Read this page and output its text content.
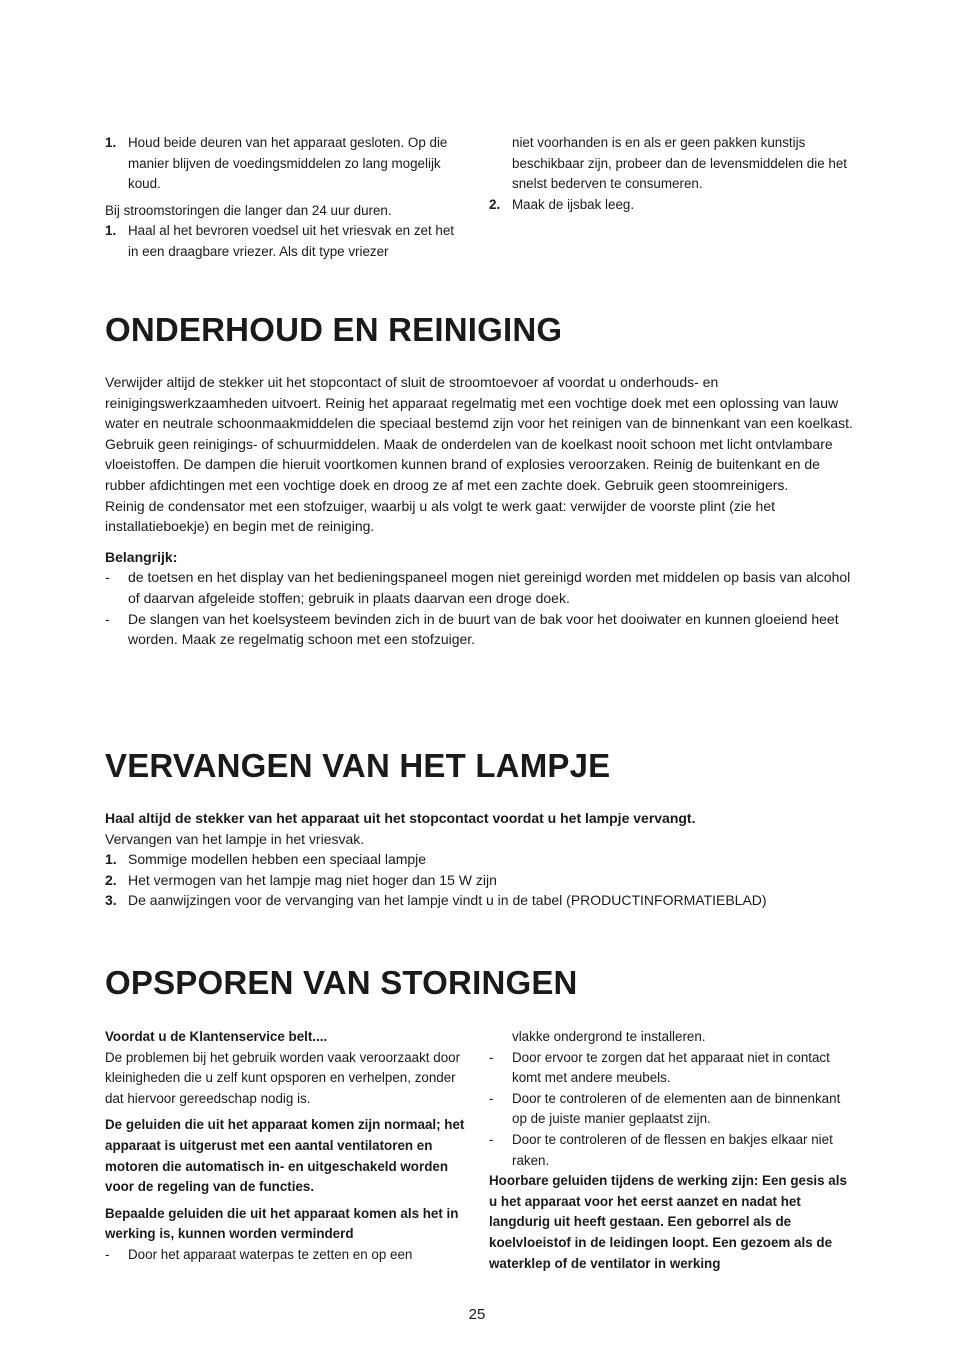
1. Houd beide deuren van het apparaat gesloten. Op die manier blijven de voedingsmiddelen zo lang mogelijk koud.
Bij stroomstoringen die langer dan 24 uur duren.
1. Haal al het bevroren voedsel uit het vriesvak en zet het in een draagbare vriezer. Als dit type vriezer
niet voorhanden is en als er geen pakken kunstijs beschikbaar zijn, probeer dan de levensmiddelen die het snelst bederven te consumeren.
2. Maak de ijsbak leeg.
ONDERHOUD EN REINIGING

Verwijder altijd de stekker uit het stopcontact of sluit de stroomtoevoer af voordat u onderhouds- en reinigingswerkzaamheden uitvoert. Reinig het apparaat regelmatig met een vochtige doek met een oplossing van lauw water en neutrale schoonmaakmiddelen die speciaal bestemd zijn voor het reinigen van de binnenkant van een koelkast. Gebruik geen reinigings- of schuurmiddelen. Maak de onderdelen van de koelkast nooit schoon met licht ontvlambare vloeistoffen. De dampen die hieruit voortkomen kunnen brand of explosies veroorzaken. Reinig de buitenkant en de rubber afdichtingen met een vochtige doek en droog ze af met een zachte doek. Gebruik geen stoomreinigers.

Reinig de condensator met een stofzuiger, waarbij u als volgt te werk gaat: verwijder de voorste plint (zie het installatieboekje) en begin met de reiniging.

Belangrijk:

- de toetsen en het display van het bedieningspaneel mogen niet gereinigd worden met middelen op basis van alcohol of daarvan afgeleide stoffen; gebruik in plaats daarvan een droge doek.
- De slangen van het koelsysteem bevinden zich in de buurt van de bak voor het dooiwater en kunnen gloeiend heet worden. Maak ze regelmatig schoon met een stofzuiger.
VERVANGEN VAN HET LAMPJE

Haal altijd de stekker van het apparaat uit het stopcontact voordat u het lampje vervangt.

Vervangen van het lampje in het vriesvak.

1. Sommige modellen hebben een speciaal lampje
2. Het vermogen van het lampje mag niet hoger dan 15 W zijn
3. De aanwijzingen voor de vervanging van het lampje vindt u in de tabel (PRODUCTINFORMATIEBLAD)
OPSPOREN VAN STORINGEN

Voordat u de Klantenservice belt....

De problemen bij het gebruik worden vaak veroorzaakt door kleinigheden die u zelf kunt opsporen en verhelpen, zonder dat hiervoor gereedschap nodig is.

De geluiden die uit het apparaat komen zijn normaal; het apparaat is uitgerust met een aantal ventilatoren en motoren die automatisch in- en uitgeschakeld worden voor de regeling van de functies.

Bepaalde geluiden die uit het apparaat komen als het in werking is, kunnen worden verminderd

- Door het apparaat waterpas te zetten en op een

vlakke ondergrond te installeren.

- Door ervoor te zorgen dat het apparaat niet in contact komt met andere meubels.
- Door te controleren of de elementen aan de binnenkant op de juiste manier geplaatst zijn.
- Door te controleren of de flessen en bakjes elkaar niet raken.

Hoorbare geluiden tijdens de werking zijn: Een gesis als u het apparaat voor het eerst aanzet en nadat het langdurig uit heeft gestaan. Een geborrel als de koelvloeistof in de leidingen loopt. Een gezoem als de waterklep of de ventilator in werking

25
